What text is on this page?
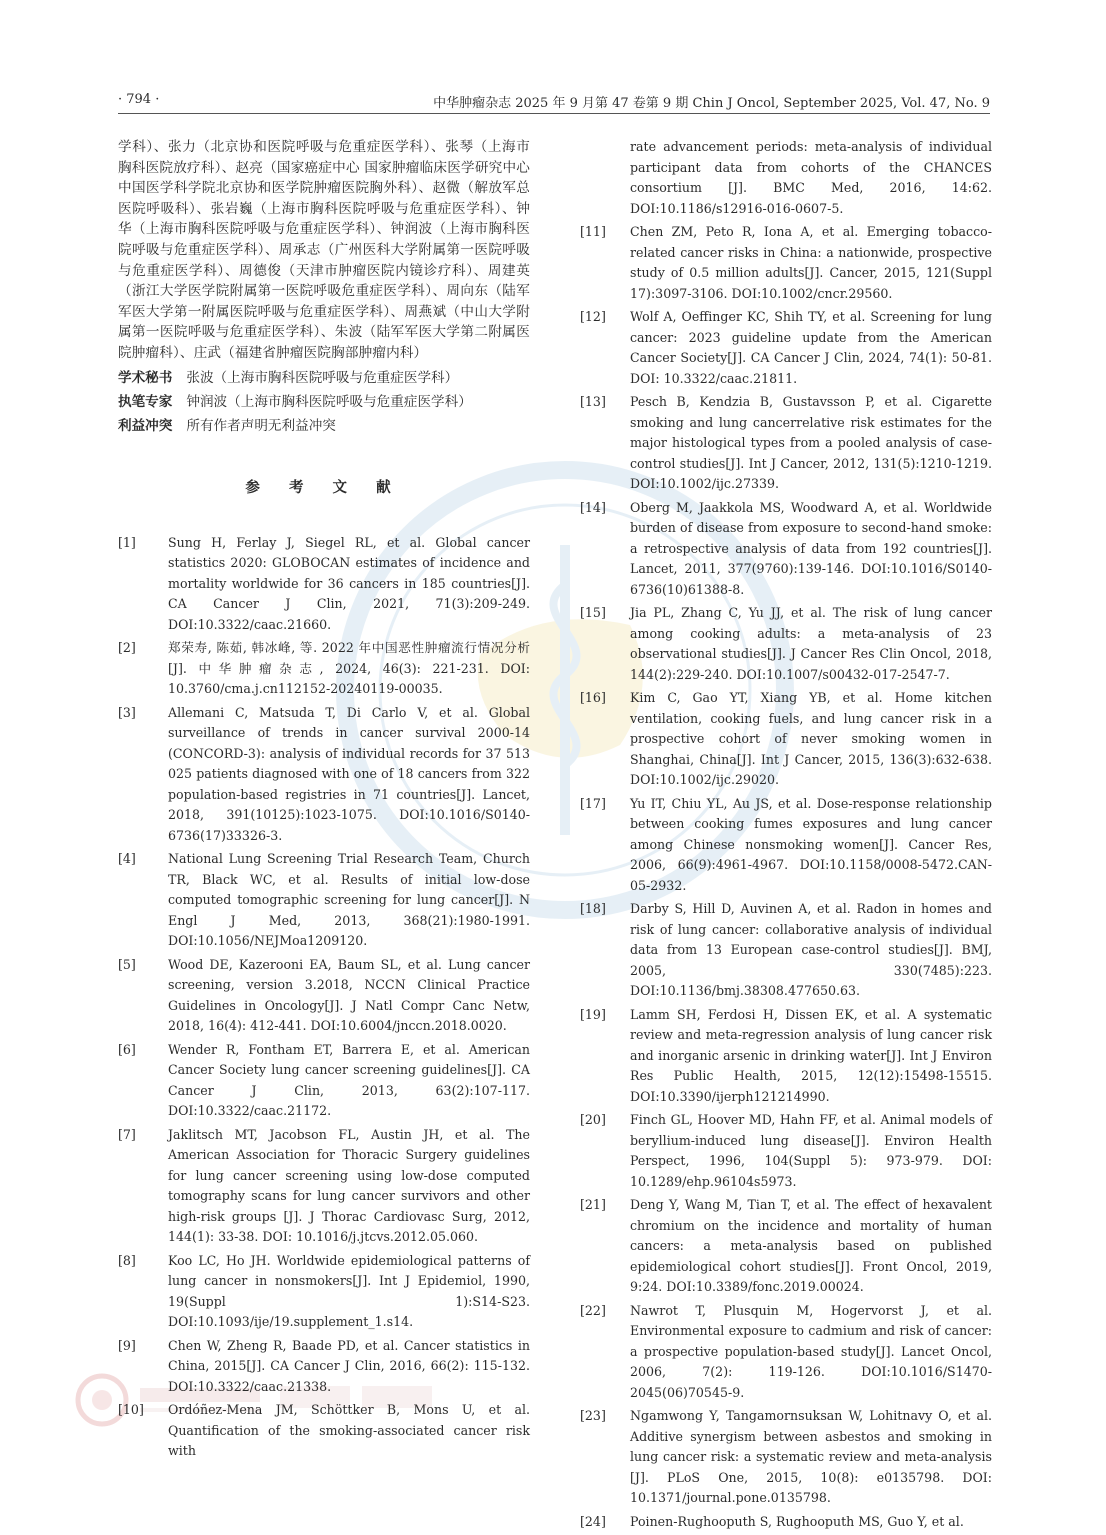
· 794 ·	中华肿瘤杂志 2025 年 9 月第 47 卷第 9 期 Chin J Oncol, September 2025, Vol. 47, No. 9

学科）、张力（北京协和医院呼吸与危重症医学科）、张琴（上海市胸科医院放疗科）、赵亮（国家癌症中心 国家肿瘤临床医学研究中心 中国医学科学院北京协和医学院肿瘤医院胸外科）、赵微（解放军总医院呼吸科）、张岩巍（上海市胸科医院呼吸与危重症医学科）、钟华（上海市胸科医院呼吸与危重症医学科）、钟润波（上海市胸科医院呼吸与危重症医学科）、周承志（广州医科大学附属第一医院呼吸与危重症医学科）、周德俊（天津市肿瘤医院内镜诊疗科）、周建英（浙江大学医学院附属第一医院呼吸危重症医学科）、周向东（陆军军医大学第一附属医院呼吸与危重症医学科）、周燕斌（中山大学附属第一医院呼吸与危重症医学科）、朱波（陆军军医大学第二附属医院肿瘤科）、庄武（福建省肿瘤医院胸部肿瘤内科）

学术秘书 张波（上海市胸科医院呼吸与危重症医学科）

执笔专家 钟润波（上海市胸科医院呼吸与危重症医学科）

利益冲突 所有作者声明无利益冲突

参 考 文 献
[1]	Sung H, Ferlay J, Siegel RL, et al. Global cancer statistics 2020: GLOBOCAN estimates of incidence and mortality worldwide for 36 cancers in 185 countries[J]. CA Cancer J Clin, 2021, 71(3):209-249. DOI:10.3322/caac.21660.
[2]	郑荣寿, 陈茹, 韩冰峰, 等. 2022 年中国恶性肿瘤流行情况分析[J]. 中华肿瘤杂志, 2024, 46(3): 221-231. DOI: 10.3760/cma.j.cn112152-20240119-00035.
[3]	Allemani C, Matsuda T, Di Carlo V, et al. Global surveillance of trends in cancer survival 2000-14 (CONCORD-3): analysis of individual records for 37 513 025 patients diagnosed with one of 18 cancers from 322 population-based registries in 71 countries[J]. Lancet, 2018, 391(10125):1023-1075. DOI:10.1016/S0140-6736(17)33326-3.
[4]	National Lung Screening Trial Research Team, Church TR, Black WC, et al. Results of initial low-dose computed tomographic screening for lung cancer[J]. N Engl J Med, 2013, 368(21):1980-1991. DOI:10.1056/NEJMoa1209120.
[5]	Wood DE, Kazerooni EA, Baum SL, et al. Lung cancer screening, version 3.2018, NCCN Clinical Practice Guidelines in Oncology[J]. J Natl Compr Canc Netw, 2018, 16(4): 412-441. DOI:10.6004/jnccn.2018.0020.
[6]	Wender R, Fontham ET, Barrera E, et al. American Cancer Society lung cancer screening guidelines[J]. CA Cancer J Clin, 2013, 63(2):107-117. DOI:10.3322/caac.21172.
[7]	Jaklitsch MT, Jacobson FL, Austin JH, et al. The American Association for Thoracic Surgery guidelines for lung cancer screening using low-dose computed tomography scans for lung cancer survivors and other high-risk groups [J]. J Thorac Cardiovasc Surg, 2012, 144(1): 33-38. DOI: 10.1016/j.jtcvs.2012.05.060.
[8]	Koo LC, Ho JH. Worldwide epidemiological patterns of lung cancer in nonsmokers[J]. Int J Epidemiol, 1990, 19(Suppl 1):S14-S23. DOI:10.1093/ije/19.supplement_1.s14.
[9]	Chen W, Zheng R, Baade PD, et al. Cancer statistics in China, 2015[J]. CA Cancer J Clin, 2016, 66(2): 115-132. DOI:10.3322/caac.21338.
[10]	Ordóñez-Mena JM, Schöttker B, Mons U, et al. Quantification of the smoking-associated cancer risk with

rate advancement periods: meta-analysis of individual participant data from cohorts of the CHANCES consortium [J]. BMC Med, 2016, 14:62. DOI:10.1186/s12916-016-0607-5.

[11]	Chen ZM, Peto R, Iona A, et al. Emerging tobacco-related cancer risks in China: a nationwide, prospective study of 0.5 million adults[J]. Cancer, 2015, 121(Suppl 17):3097-3106. DOI:10.1002/cncr.29560.
[12]	Wolf A, Oeffinger KC, Shih TY, et al. Screening for lung cancer: 2023 guideline update from the American Cancer Society[J]. CA Cancer J Clin, 2024, 74(1): 50-81. DOI: 10.3322/caac.21811.
[13]	Pesch B, Kendzia B, Gustavsson P, et al. Cigarette smoking and lung cancerrelative risk estimates for the major histological types from a pooled analysis of case-control studies[J]. Int J Cancer, 2012, 131(5):1210-1219. DOI:10.1002/ijc.27339.
[14]	Oberg M, Jaakkola MS, Woodward A, et al. Worldwide burden of disease from exposure to second-hand smoke: a retrospective analysis of data from 192 countries[J]. Lancet, 2011, 377(9760):139-146. DOI:10.1016/S0140-6736(10)61388-8.
[15]	Jia PL, Zhang C, Yu JJ, et al. The risk of lung cancer among cooking adults: a meta-analysis of 23 observational studies[J]. J Cancer Res Clin Oncol, 2018, 144(2):229-240. DOI:10.1007/s00432-017-2547-7.
[16]	Kim C, Gao YT, Xiang YB, et al. Home kitchen ventilation, cooking fuels, and lung cancer risk in a prospective cohort of never smoking women in Shanghai, China[J]. Int J Cancer, 2015, 136(3):632-638. DOI:10.1002/ijc.29020.
[17]	Yu IT, Chiu YL, Au JS, et al. Dose-response relationship between cooking fumes exposures and lung cancer among Chinese nonsmoking women[J]. Cancer Res, 2006, 66(9):4961-4967. DOI:10.1158/0008-5472.CAN-05-2932.
[18]	Darby S, Hill D, Auvinen A, et al. Radon in homes and risk of lung cancer: collaborative analysis of individual data from 13 European case-control studies[J]. BMJ, 2005, 330(7485):223. DOI:10.1136/bmj.38308.477650.63.
[19]	Lamm SH, Ferdosi H, Dissen EK, et al. A systematic review and meta-regression analysis of lung cancer risk and inorganic arsenic in drinking water[J]. Int J Environ Res Public Health, 2015, 12(12):15498-15515. DOI:10.3390/ijerph121214990.
[20]	Finch GL, Hoover MD, Hahn FF, et al. Animal models of beryllium-induced lung disease[J]. Environ Health Perspect, 1996, 104(Suppl 5): 973-979. DOI: 10.1289/ehp.96104s5973.
[21]	Deng Y, Wang M, Tian T, et al. The effect of hexavalent chromium on the incidence and mortality of human cancers: a meta-analysis based on published epidemiological cohort studies[J]. Front Oncol, 2019, 9:24. DOI:10.3389/fonc.2019.00024.
[22]	Nawrot T, Plusquin M, Hogervorst J, et al. Environmental exposure to cadmium and risk of cancer: a prospective population-based study[J]. Lancet Oncol, 2006, 7(2): 119-126. DOI:10.1016/S1470-2045(06)70545-9.
[23]	Ngamwong Y, Tangamornsuksan W, Lohitnavy O, et al. Additive synergism between asbestos and smoking in lung cancer risk: a systematic review and meta-analysis [J]. PLoS One, 2015, 10(8): e0135798. DOI: 10.1371/journal.pone.0135798.
[24]	Poinen-Rughooputh S, Rughooputh MS, Guo Y, et al.
